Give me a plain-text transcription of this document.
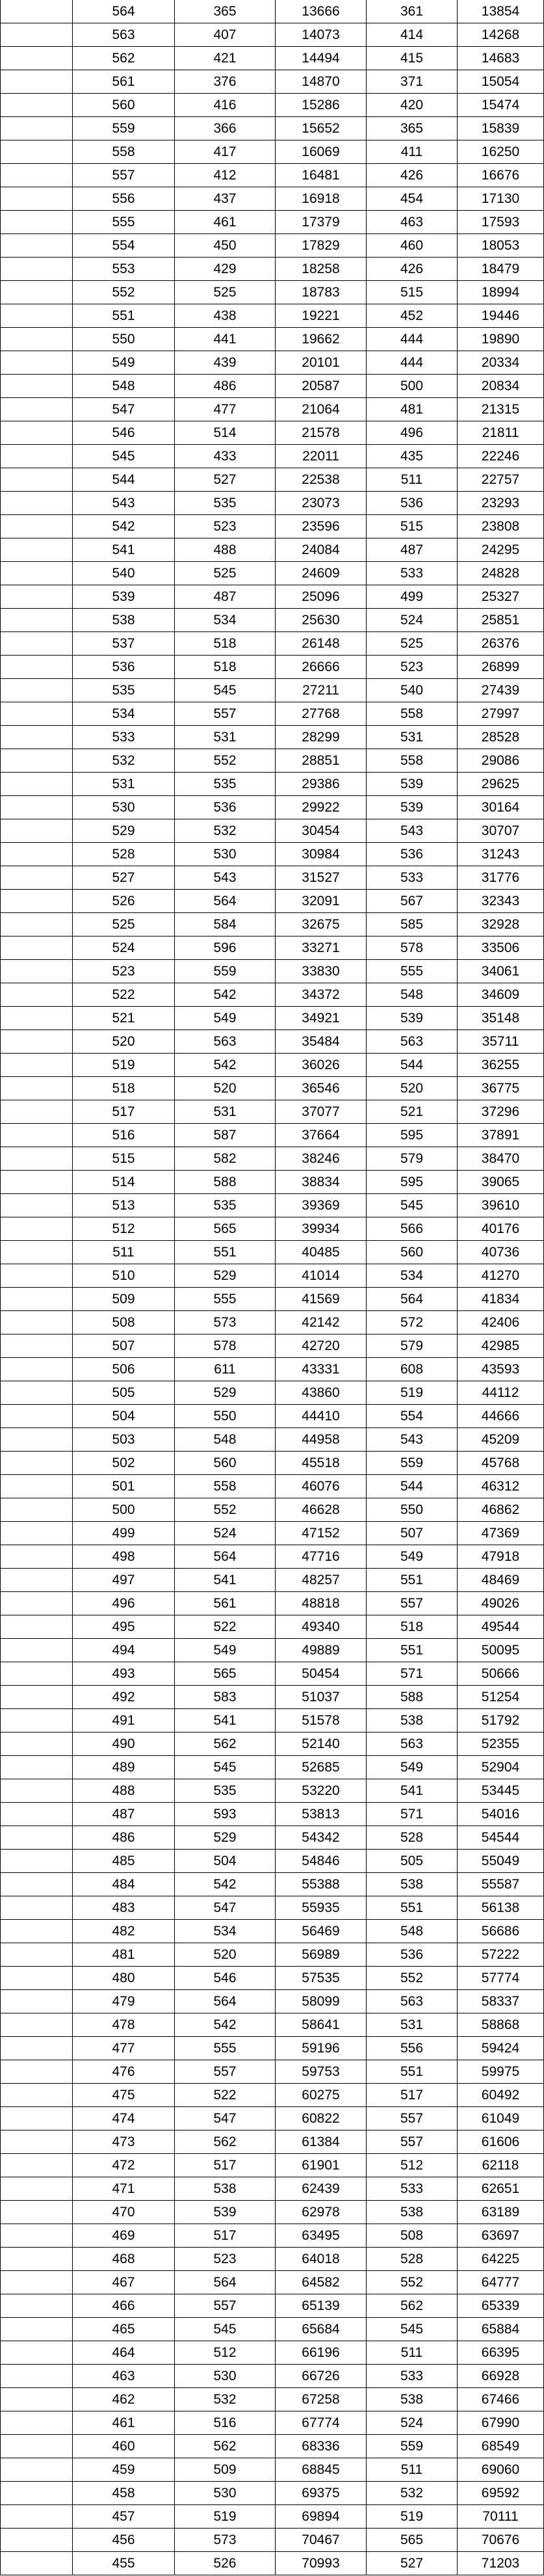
	564	365	13666	361	13854
	563	407	14073	414	14268
	562	421	14494	415	14683
	561	376	14870	371	15054
	560	416	15286	420	15474
	559	366	15652	365	15839
	558	417	16069	411	16250
	557	412	16481	426	16676
	556	437	16918	454	17130
	555	461	17379	463	17593
	554	450	17829	460	18053
	553	429	18258	426	18479
	552	525	18783	515	18994
	551	438	19221	452	19446
	550	441	19662	444	19890
	549	439	20101	444	20334
	548	486	20587	500	20834
	547	477	21064	481	21315
	546	514	21578	496	21811
	545	433	22011	435	22246
	544	527	22538	511	22757
	543	535	23073	536	23293
	542	523	23596	515	23808
	541	488	24084	487	24295
	540	525	24609	533	24828
	539	487	25096	499	25327
	538	534	25630	524	25851
	537	518	26148	525	26376
	536	518	26666	523	26899
	535	545	27211	540	27439
	534	557	27768	558	27997
	533	531	28299	531	28528
	532	552	28851	558	29086
	531	535	29386	539	29625
	530	536	29922	539	30164
	529	532	30454	543	30707
	528	530	30984	536	31243
	527	543	31527	533	31776
	526	564	32091	567	32343
	525	584	32675	585	32928
	524	596	33271	578	33506
	523	559	33830	555	34061
	522	542	34372	548	34609
	521	549	34921	539	35148
	520	563	35484	563	35711
	519	542	36026	544	36255
	518	520	36546	520	36775
	517	531	37077	521	37296
	516	587	37664	595	37891
	515	582	38246	579	38470
	514	588	38834	595	39065
	513	535	39369	545	39610
	512	565	39934	566	40176
	511	551	40485	560	40736
	510	529	41014	534	41270
	509	555	41569	564	41834
	508	573	42142	572	42406
	507	578	42720	579	42985
	506	611	43331	608	43593
	505	529	43860	519	44112
	504	550	44410	554	44666
	503	548	44958	543	45209
	502	560	45518	559	45768
	501	558	46076	544	46312
	500	552	46628	550	46862
	499	524	47152	507	47369
	498	564	47716	549	47918
	497	541	48257	551	48469
	496	561	48818	557	49026
	495	522	49340	518	49544
	494	549	49889	551	50095
	493	565	50454	571	50666
	492	583	51037	588	51254
	491	541	51578	538	51792
	490	562	52140	563	52355
	489	545	52685	549	52904
	488	535	53220	541	53445
	487	593	53813	571	54016
	486	529	54342	528	54544
	485	504	54846	505	55049
	484	542	55388	538	55587
	483	547	55935	551	56138
	482	534	56469	548	56686
	481	520	56989	536	57222
	480	546	57535	552	57774
	479	564	58099	563	58337
	478	542	58641	531	58868
	477	555	59196	556	59424
	476	557	59753	551	59975
	475	522	60275	517	60492
	474	547	60822	557	61049
	473	562	61384	557	61606
	472	517	61901	512	62118
	471	538	62439	533	62651
	470	539	62978	538	63189
	469	517	63495	508	63697
	468	523	64018	528	64225
	467	564	64582	552	64777
	466	557	65139	562	65339
	465	545	65684	545	65884
	464	512	66196	511	66395
	463	530	66726	533	66928
	462	532	67258	538	67466
	461	516	67774	524	67990
	460	562	68336	559	68549
	459	509	68845	511	69060
	458	530	69375	532	69592
	457	519	69894	519	70111
	456	573	70467	565	70676
	455	526	70993	527	71203
